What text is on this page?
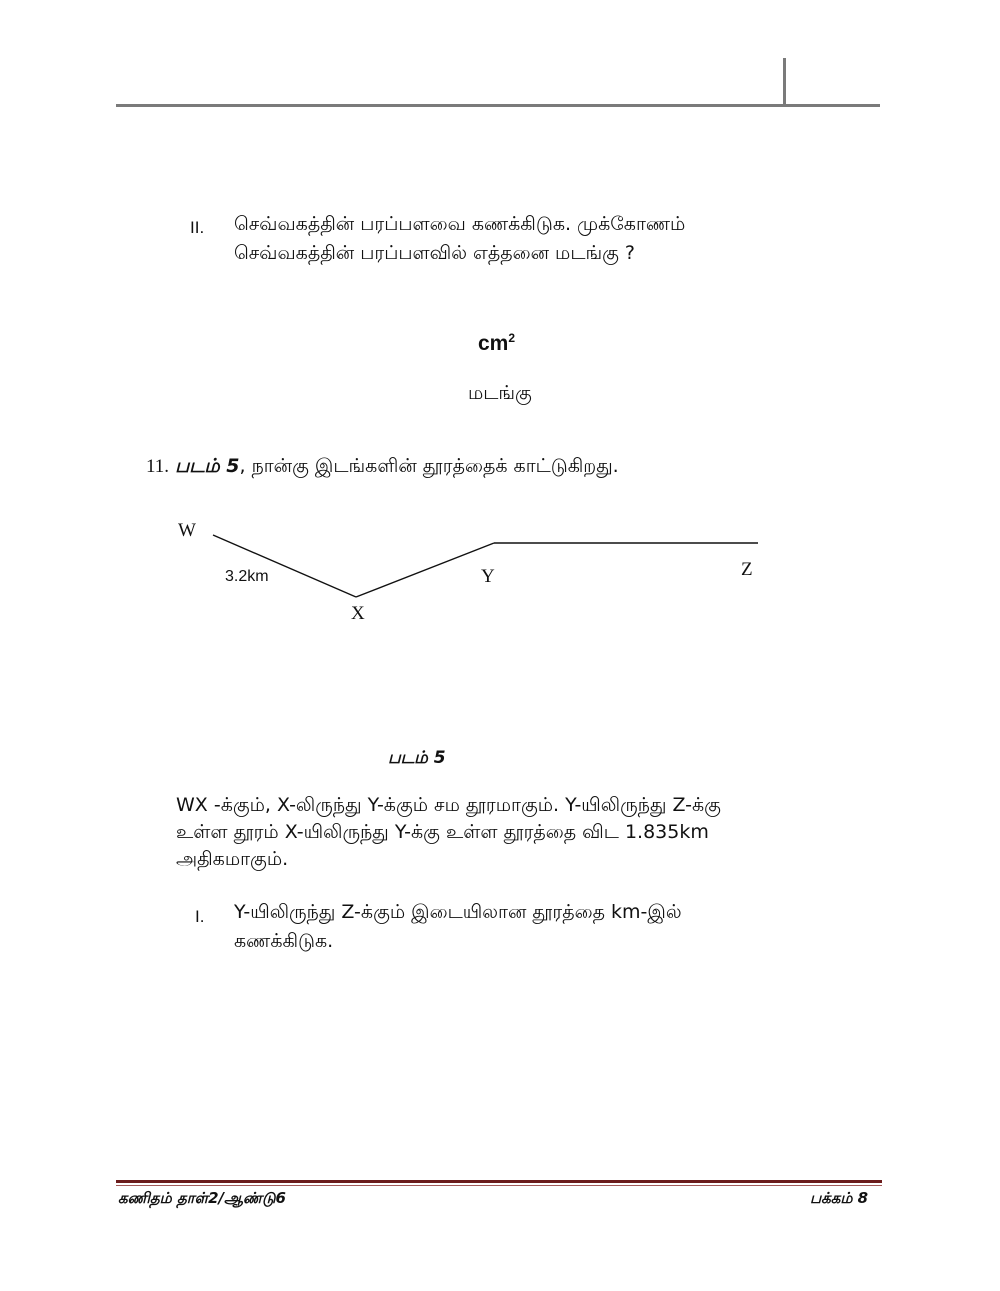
II. செவ்வகத்தின் பரப்பளவை கணக்கிடுக. முக்கோணம்
செவ்வகத்தின் பரப்பளவில் எத்தனை மடங்கு ?
$cm^2$
மடங்கு
11. படம் 5, நான்கு இடங்களின் தூரத்தைக் காட்டுகிறது.
W
X
Y	Z
3.2km
படம் 5
WX -க்கும், X-லிருந்து Y-க்கும் சம தூரமாகும். Y-யிலிருந்து Z-க்கு
உள்ள தூரம் X-யிலிருந்து Y-க்கு உள்ள தூரத்தை விட 1.835km
அதிகமாகும்.
I. Y-யிலிருந்து Z-க்கும் இடையிலான தூரத்தை km-இல்
கணக்கிடுக.
கணிதம் தாள்2/ஆண்டு6	பக்கம் 8
